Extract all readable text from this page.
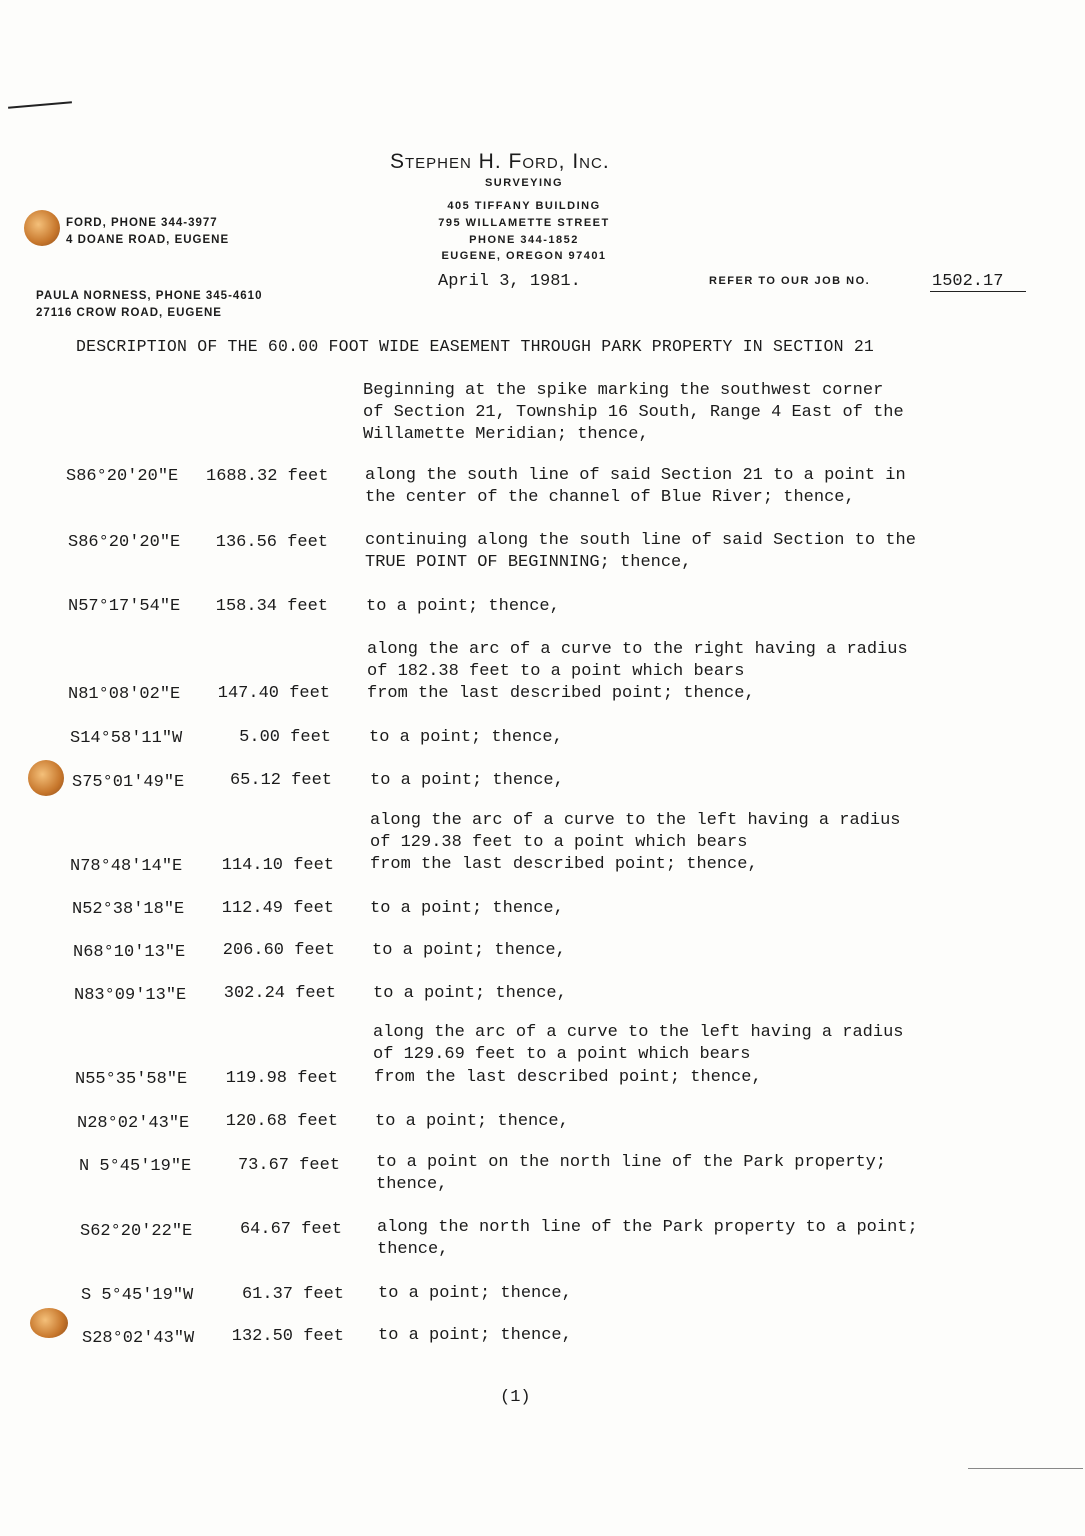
Stephen H. Ford, Inc.
SURVEYING
405 TIFFANY BUILDING
795 WILLAMETTE STREET
PHONE 344-1852
EUGENE, OREGON 97401
FORD, PHONE 344-3977
4 DOANE ROAD, EUGENE
PAULA NORNESS, PHONE 345-4610
27116 CROW ROAD, EUGENE
April 3, 1981.	REFER TO OUR JOB NO.	1502.17
DESCRIPTION OF THE 60.00 FOOT WIDE EASEMENT THROUGH PARK PROPERTY IN SECTION 21
Beginning at the spike marking the southwest corner
of Section 21, Township 16 South, Range 4 East of the
Willamette Meridian; thence,
S86°20'20"E 1688.32 feet along the south line of said Section 21 to a point in
the center of the channel of Blue River; thence,
S86°20'20"E	136.56 feet continuing along the south line of said Section to the
TRUE POINT OF BEGINNING; thence,
N57°17'54"E	158.34 feet to a point; thence,
along the arc of a curve to the right having a radius
of 182.38 feet to a point which bears
N81°08'02"E	147.40 feet from the last described point; thence,
S14°58'11"W	5.00 feet to a point; thence,
S75°01'49"E	65.12 feet to a point; thence,
along the arc of a curve to the left having a radius
of 129.38 feet to a point which bears
N78°48'14"E	114.10 feet from the last described point; thence,
N52°38'18"E	112.49 feet to a point; thence,
N68°10'13"E	206.60 feet to a point; thence,
N83°09'13"E	302.24 feet to a point; thence,
along the arc of a curve to the left having a radius
of 129.69 feet to a point which bears
N55°35'58"E	119.98 feet from the last described point; thence,
N28°02'43"E	120.68 feet to a point; thence,
N 5°45'19"E	73.67 feet to a point on the north line of the Park property;
thence,
S62°20'22"E	64.67 feet along the north line of the Park property to a point;
thence,
S 5°45'19"W	61.37 feet to a point; thence,
S28°02'43"W	132.50 feet to a point; thence,
(1)
